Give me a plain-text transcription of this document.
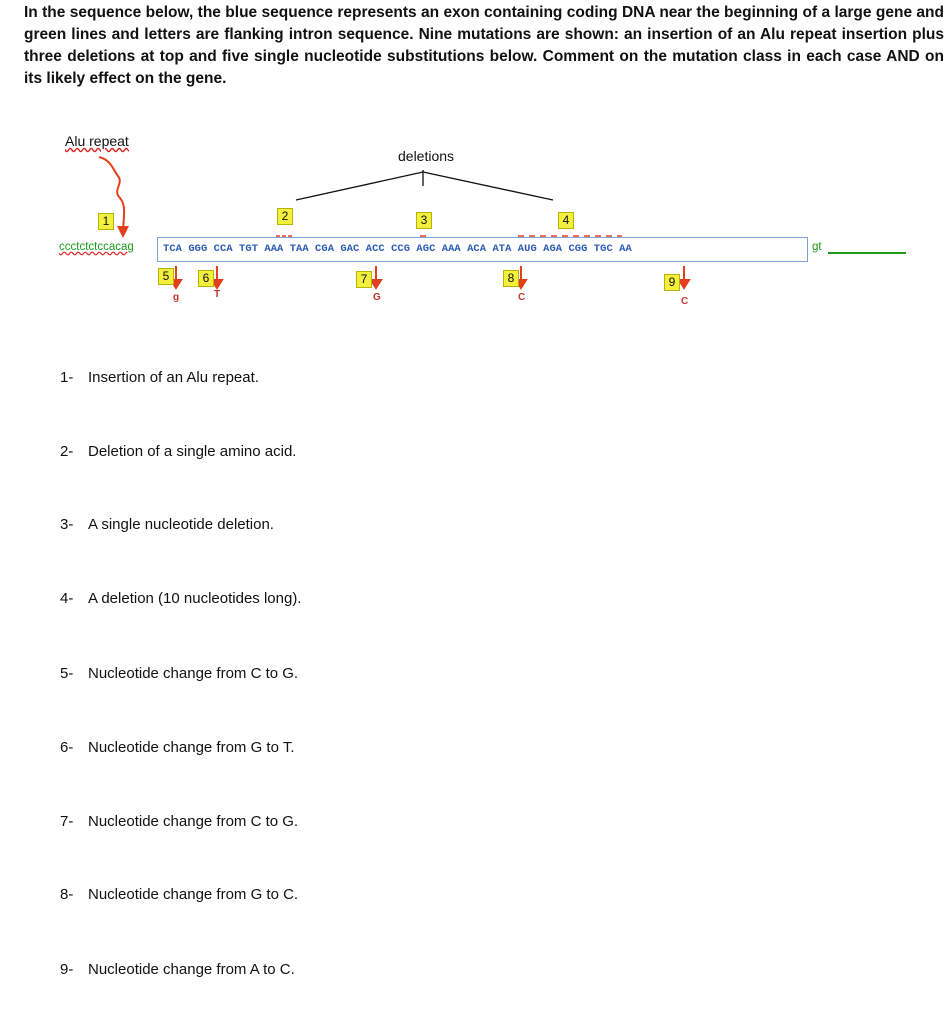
In the sequence below, the blue sequence represents an exon containing coding DNA near the beginning of a large gene and green lines and letters are flanking intron sequence. Nine mutations are shown: an insertion of an Alu repeat insertion plus three deletions at top and five single nucleotide substitutions below. Comment on the mutation class in each case AND on its likely effect on the gene.
Alu repeat
deletions
1	2	3	4
5	6	7	8	9
ccctctctccacag	TCA GGG CCA TGT AAA TAA CGA GAC ACC CCG AGC AAA ACA ATA AUG AGA CGG TGC AA	gt
g	T	G	C	C
1- Insertion of an Alu repeat.
2- Deletion of a single amino acid.
3- A single nucleotide deletion.
4- A deletion (10 nucleotides long).
5- Nucleotide change from C to G.
6- Nucleotide change from G to T.
7- Nucleotide change from C to G.
8- Nucleotide change from G to C.
9- Nucleotide change from A to C.
